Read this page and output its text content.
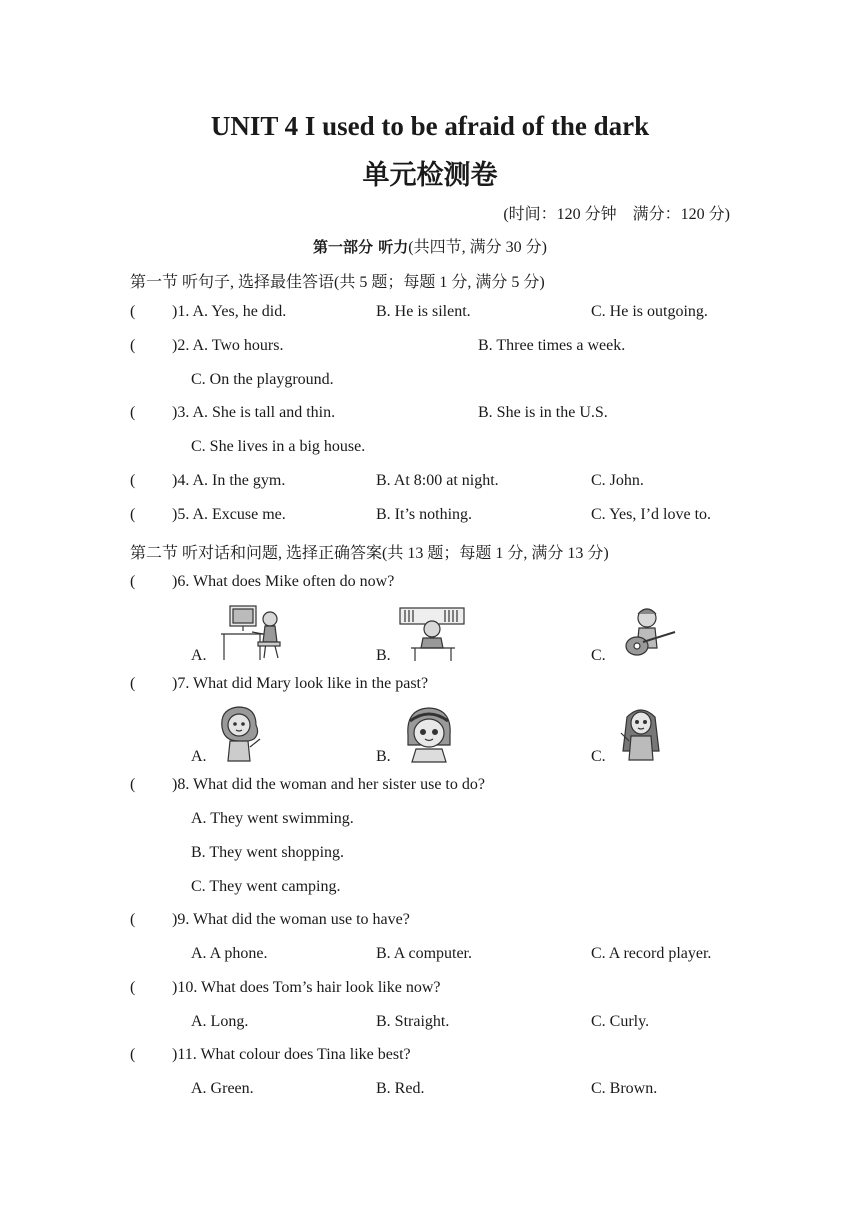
UNIT 4 I used to be afraid of the dark
单元检测卷
(时间：120 分钟　满分：120 分)
第一部分 听力(共四节, 满分 30 分)
第一节 听句子, 选择最佳答语(共 5 题；每题 1 分, 满分 5 分)
( )1. A. Yes, he did.	B. He is silent.	C. He is outgoing.
( )2. A. Two hours.	B. Three times a week.
C. On the playground.
( )3. A. She is tall and thin.	B. She is in the U.S.
C. She lives in a big house.
( )4. A. In the gym.	B. At 8:00 at night.	C. John.
( )5. A. Excuse me.	B. It’s nothing.	C. Yes, I’d love to.
第二节 听对话和问题, 选择正确答案(共 13 题；每题 1 分, 满分 13 分)
( )6. What does Mike often do now?
A.	B.	C.
( )7. What did Mary look like in the past?
A.	B.	C.
( )8. What did the woman and her sister use to do?
A. They went swimming.
B. They went shopping.
C. They went camping.
( )9. What did the woman use to have?
A. A phone.	B. A computer.	C. A record player.
( )10. What does Tom’s hair look like now?
A. Long.	B. Straight.	C. Curly.
( )11. What colour does Tina like best?
A. Green.	B. Red.	C. Brown.
